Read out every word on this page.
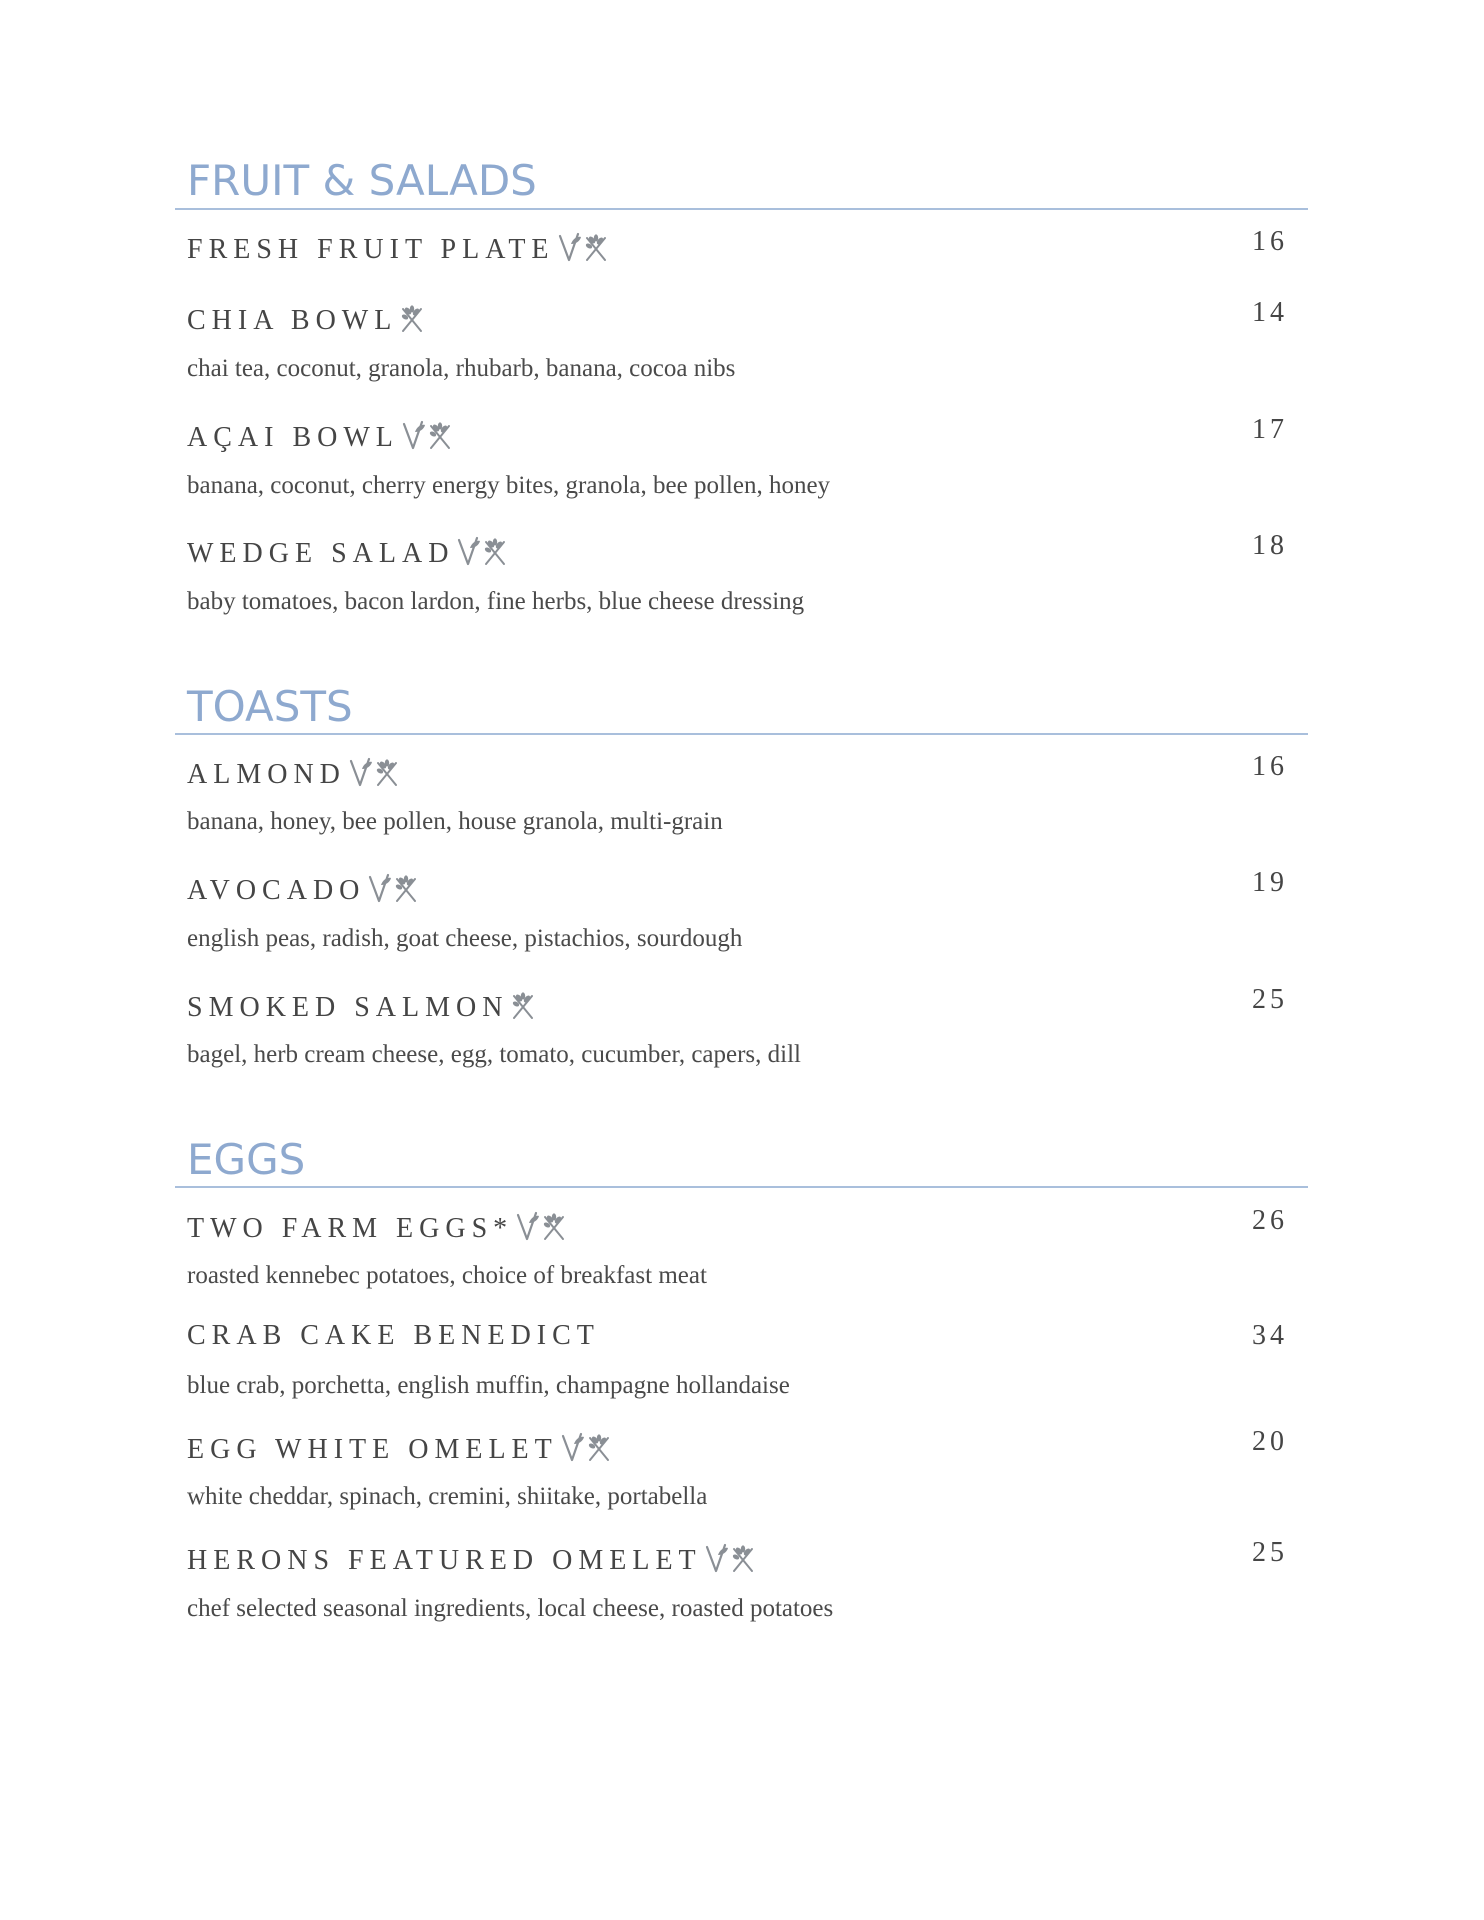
FRUIT & SALADS
FRESH FRUIT PLATE	16
CHIA BOWL	14
chai tea, coconut, granola, rhubarb, banana, cocoa nibs
AÇAI BOWL	17
banana, coconut, cherry energy bites, granola, bee pollen, honey
WEDGE SALAD	18
baby tomatoes, bacon lardon, fine herbs, blue cheese dressing
TOASTS
ALMOND	16
banana, honey, bee pollen, house granola, multi-grain
AVOCADO	19
english peas, radish, goat cheese, pistachios, sourdough
SMOKED SALMON	25
bagel, herb cream cheese, egg, tomato, cucumber, capers, dill
EGGS
TWO FARM EGGS*	26
roasted kennebec potatoes, choice of breakfast meat
CRAB CAKE BENEDICT	34
blue crab, porchetta, english muffin, champagne hollandaise
EGG WHITE OMELET	20
white cheddar, spinach, cremini, shiitake, portabella
HERONS FEATURED OMELET	25
chef selected seasonal ingredients, local cheese, roasted potatoes
